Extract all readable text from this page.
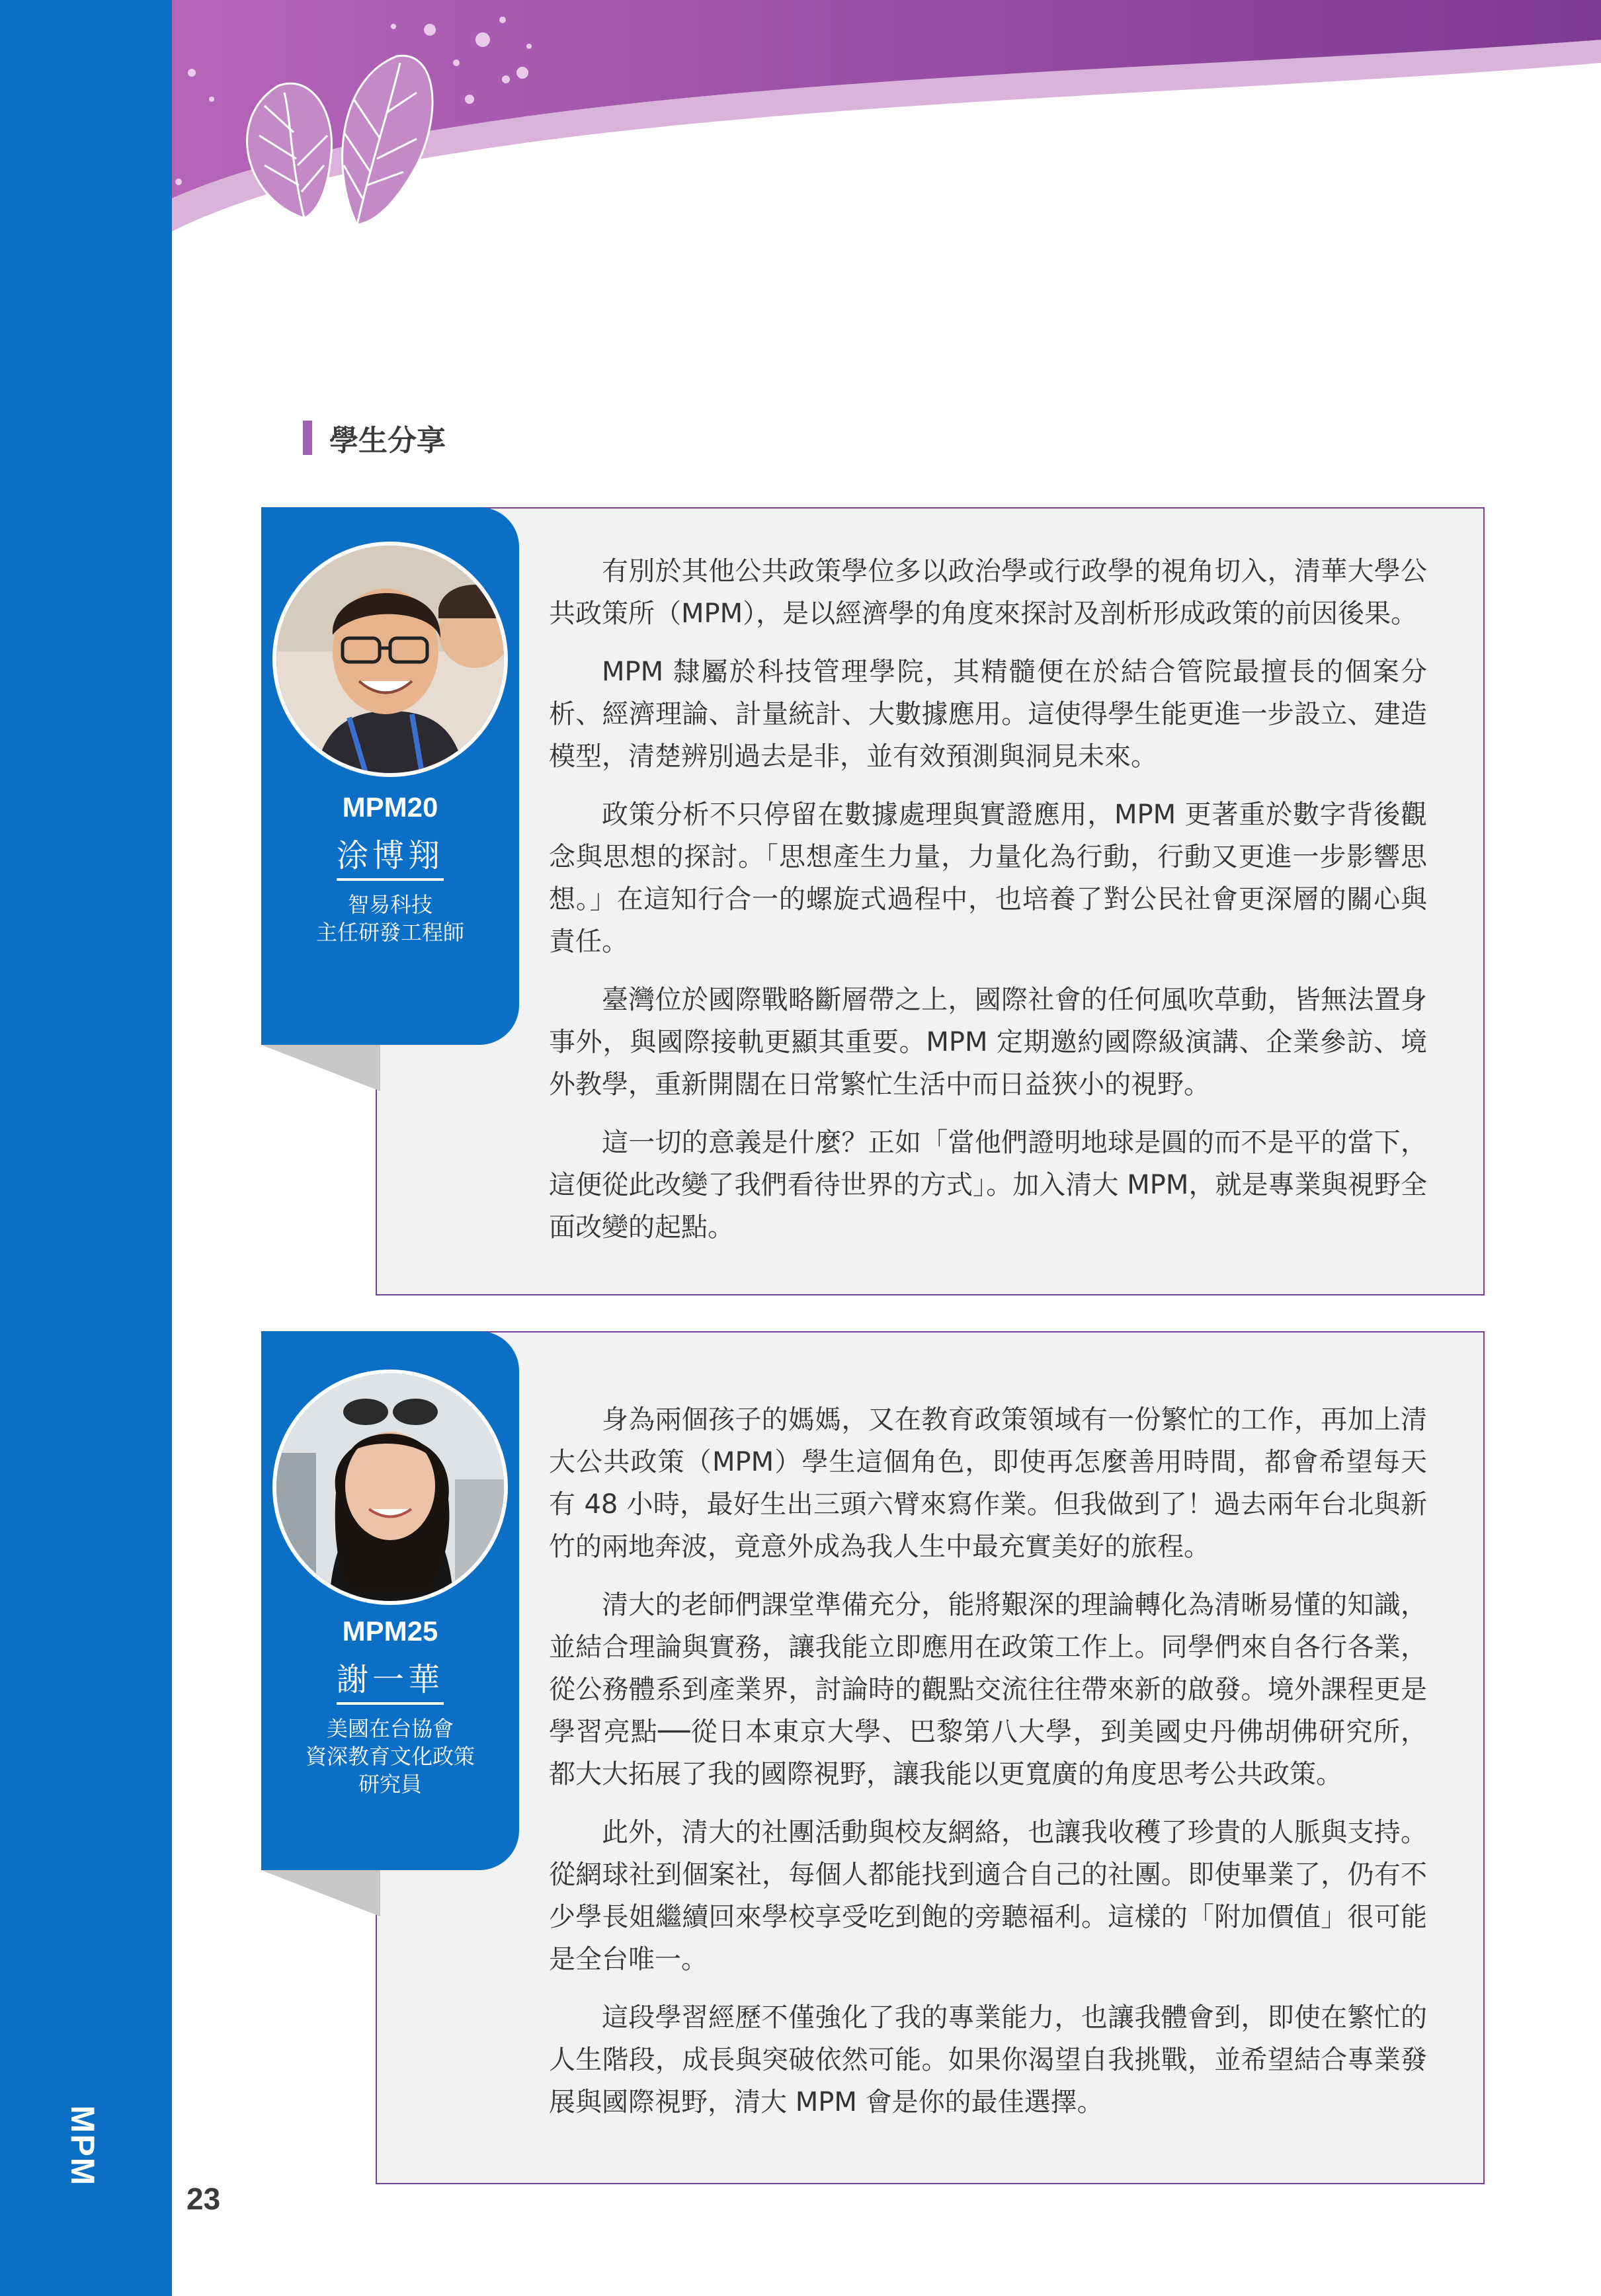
MPM
23
學生分享
MPM20
涂博翔
智易科技
主任研發工程師

有別於其他公共政策學位多以政治學或行政學的視角切入，清華大學公共政策所（MPM），是以經濟學的角度來探討及剖析形成政策的前因後果。

MPM 隸屬於科技管理學院，其精髓便在於結合管院最擅長的個案分析、經濟理論、計量統計、大數據應用。這使得學生能更進一步設立、建造模型，清楚辨別過去是非，並有效預測與洞見未來。

政策分析不只停留在數據處理與實證應用，MPM 更著重於數字背後觀念與思想的探討。「思想產生力量，力量化為行動，行動又更進一步影響思想。」在這知行合一的螺旋式過程中，也培養了對公民社會更深層的關心與責任。

臺灣位於國際戰略斷層帶之上，國際社會的任何風吹草動，皆無法置身事外，與國際接軌更顯其重要。MPM 定期邀約國際級演講、企業參訪、境外教學，重新開闊在日常繁忙生活中而日益狹小的視野。

這一切的意義是什麼？正如「當他們證明地球是圓的而不是平的當下，這便從此改變了我們看待世界的方式」。加入清大 MPM，就是專業與視野全面改變的起點。

MPM25
謝一華
美國在台協會
資深教育文化政策
研究員

身為兩個孩子的媽媽，又在教育政策領域有一份繁忙的工作，再加上清大公共政策（MPM）學生這個角色，即使再怎麼善用時間，都會希望每天有 48 小時，最好生出三頭六臂來寫作業。但我做到了！過去兩年台北與新竹的兩地奔波，竟意外成為我人生中最充實美好的旅程。

清大的老師們課堂準備充分，能將艱深的理論轉化為清晰易懂的知識，並結合理論與實務，讓我能立即應用在政策工作上。同學們來自各行各業，從公務體系到產業界，討論時的觀點交流往往帶來新的啟發。境外課程更是學習亮點──從日本東京大學、巴黎第八大學，到美國史丹佛胡佛研究所，都大大拓展了我的國際視野，讓我能以更寬廣的角度思考公共政策。

此外，清大的社團活動與校友網絡，也讓我收穫了珍貴的人脈與支持。從網球社到個案社，每個人都能找到適合自己的社團。即使畢業了，仍有不少學長姐繼續回來學校享受吃到飽的旁聽福利。這樣的「附加價值」很可能是全台唯一。

這段學習經歷不僅強化了我的專業能力，也讓我體會到，即使在繁忙的人生階段，成長與突破依然可能。如果你渴望自我挑戰，並希望結合專業發展與國際視野，清大 MPM 會是你的最佳選擇。
